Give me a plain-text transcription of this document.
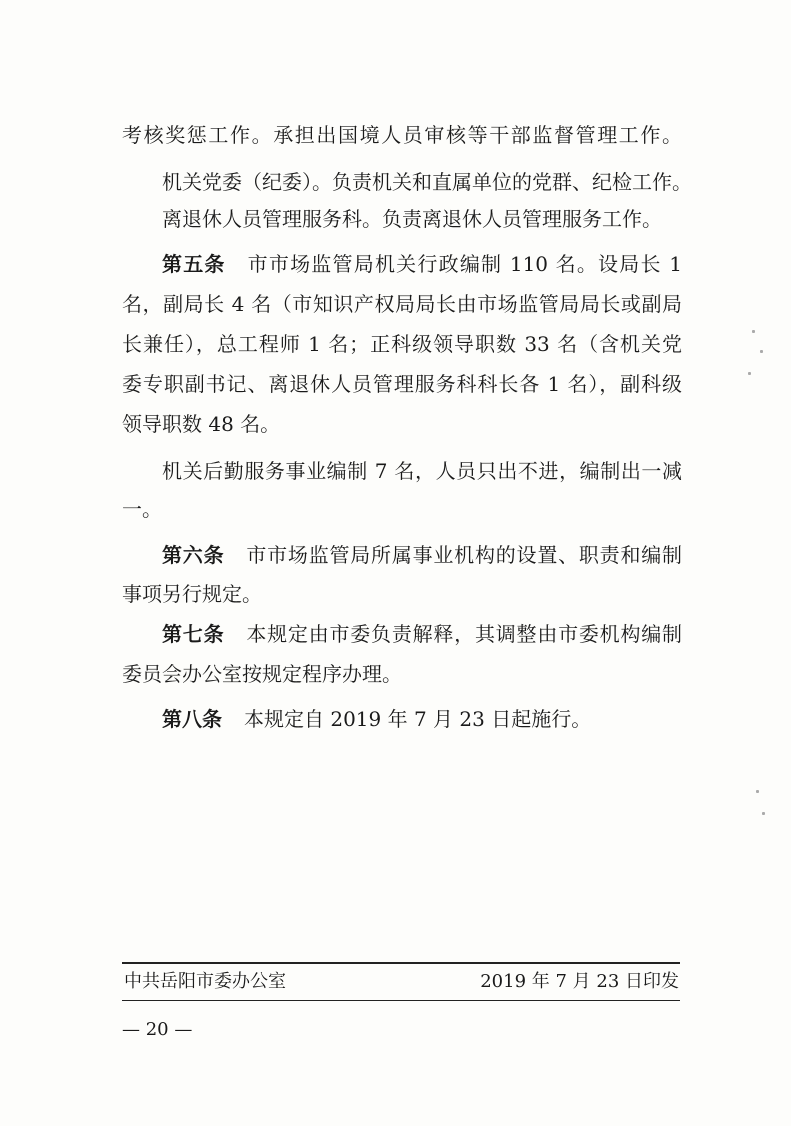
考核奖惩工作。承担出国境人员审核等干部监督管理工作。
机关党委（纪委）。负责机关和直属单位的党群、纪检工作。
离退休人员管理服务科。负责离退休人员管理服务工作。
第五条 市市场监管局机关行政编制 110 名。设局长 1
名，副局长 4 名（市知识产权局局长由市场监管局局长或副局
长兼任），总工程师 1 名；正科级领导职数 33 名（含机关党
委专职副书记、离退休人员管理服务科科长各 1 名），副科级
领导职数 48 名。
机关后勤服务事业编制 7 名，人员只出不进，编制出一减
一。
第六条 市市场监管局所属事业机构的设置、职责和编制
事项另行规定。
第七条 本规定由市委负责解释，其调整由市委机构编制
委员会办公室按规定程序办理。
第八条 本规定自 2019 年 7 月 23 日起施行。
中共岳阳市委办公室	2019 年 7 月 23 日印发
— 20 —
